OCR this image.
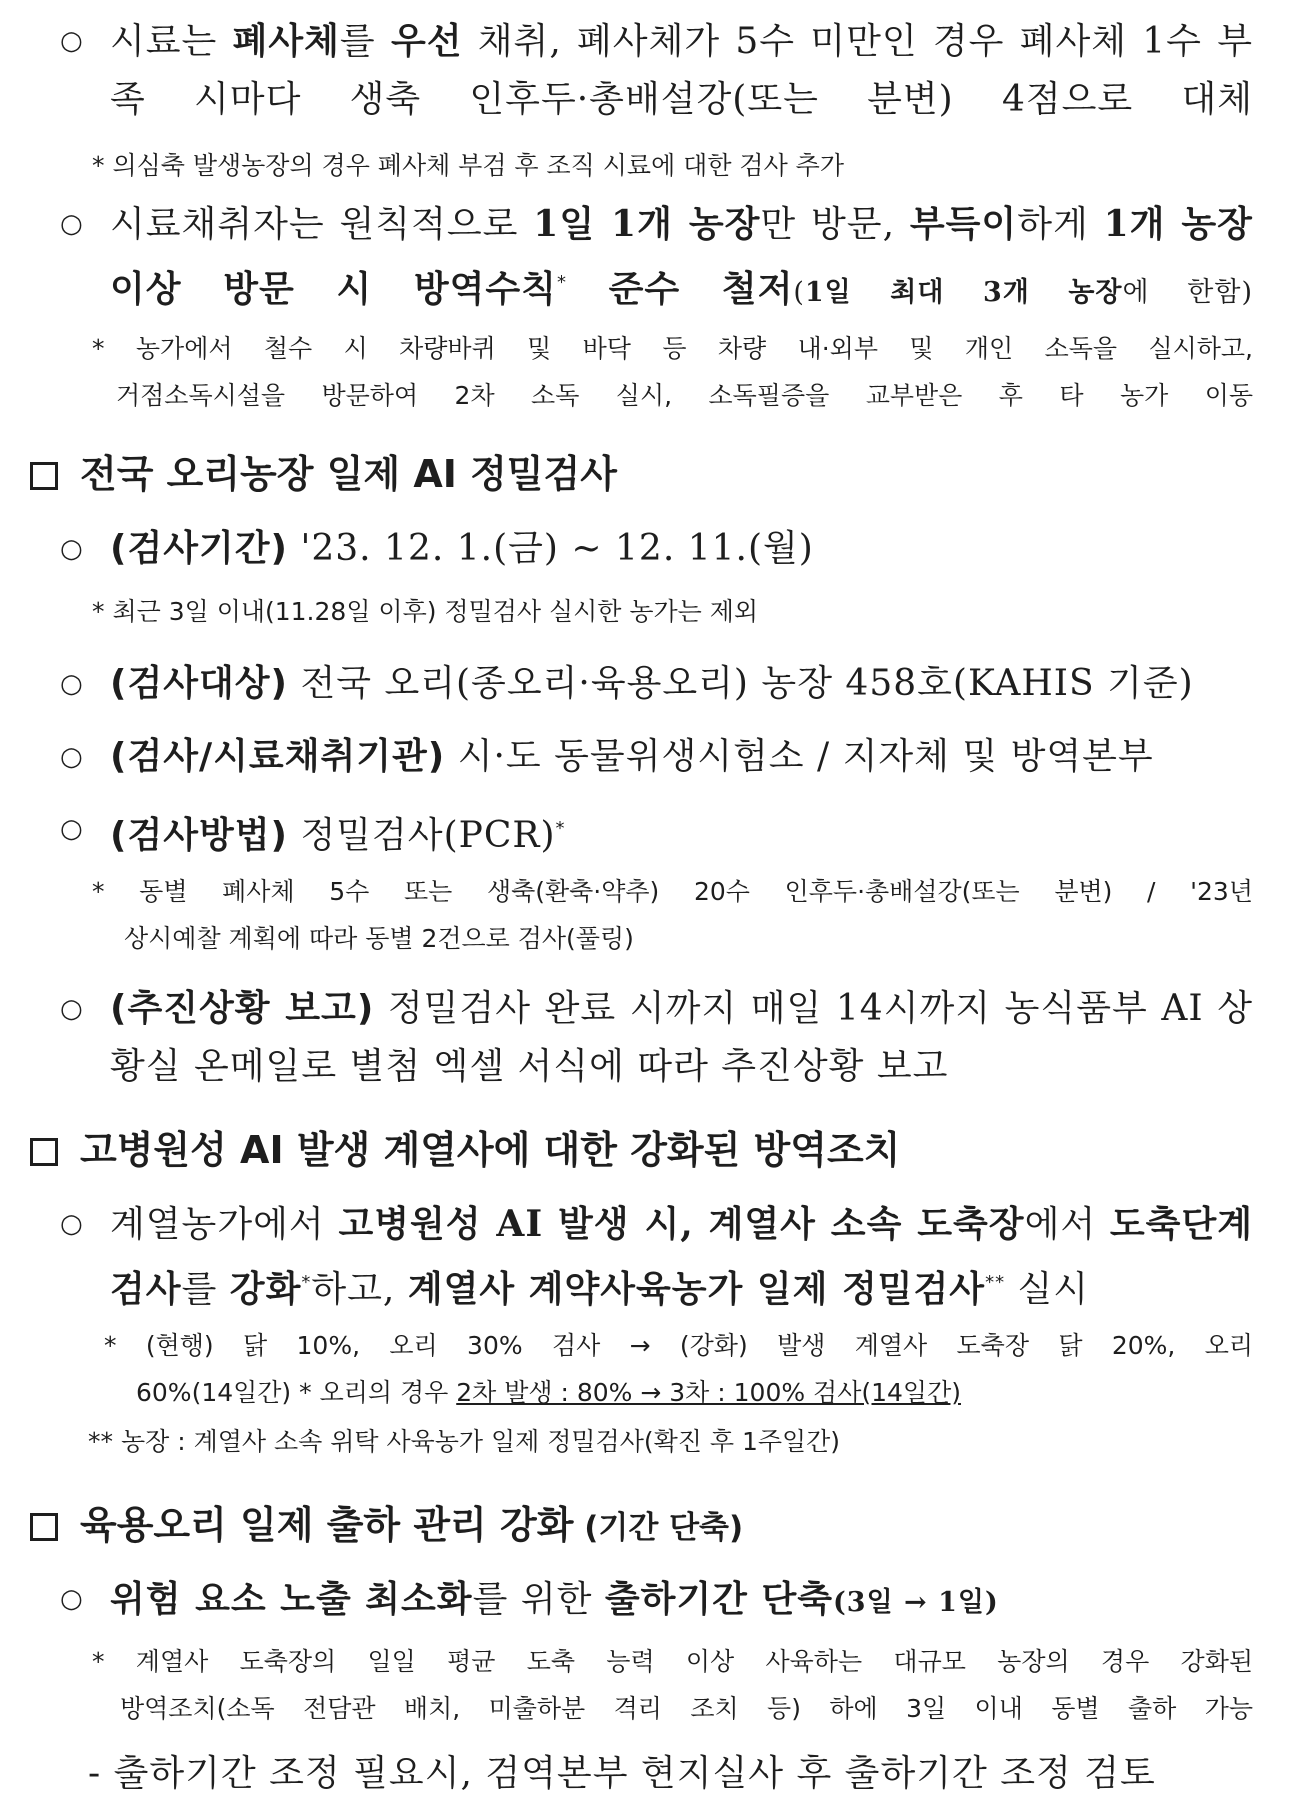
○ 시료는 폐사체를 우선 채취, 폐사체가 5수 미만인 경우 폐사체 1수 부족 시마다 생축 인후두·총배설강(또는 분변) 4점으로 대체
* 의심축 발생농장의 경우 폐사체 부검 후 조직 시료에 대한 검사 추가
○ 시료채취자는 원칙적으로 1일 1개 농장만 방문, 부득이하게 1개 농장 이상 방문 시 방역수칙* 준수 철저(1일 최대 3개 농장에 한함)
* 농가에서 철수 시 차량바퀴 및 바닥 등 차량 내·외부 및 개인 소독을 실시하고,
거점소독시설을 방문하여 2차 소독 실시, 소독필증을 교부받은 후 타 농가 이동
전국 오리농장 일제 AI 정밀검사
○ (검사기간) '23. 12. 1.(금) ~ 12. 11.(월)
* 최근 3일 이내(11.28일 이후) 정밀검사 실시한 농가는 제외
○ (검사대상) 전국 오리(종오리·육용오리) 농장 458호(KAHIS 기준)
○ (검사/시료채취기관) 시·도 동물위생시험소 / 지자체 및 방역본부
○ (검사방법) 정밀검사(PCR)*
* 동별 폐사체 5수 또는 생축(환축·약추) 20수 인후두·총배설강(또는 분변) / '23년
상시예찰 계획에 따라 동별 2건으로 검사(풀링)
○ (추진상황 보고) 정밀검사 완료 시까지 매일 14시까지 농식품부 AI 상황실 온메일로 별첨 엑셀 서식에 따라 추진상황 보고
고병원성 AI 발생 계열사에 대한 강화된 방역조치
○ 계열농가에서 고병원성 AI 발생 시, 계열사 소속 도축장에서 도축단계 검사를 강화*하고, 계열사 계약사육농가 일제 정밀검사** 실시
* (현행) 닭 10%, 오리 30% 검사 → (강화) 발생 계열사 도축장 닭 20%, 오리
60%(14일간) * 오리의 경우 2차 발생 : 80% → 3차 : 100% 검사(14일간)
** 농장 : 계열사 소속 위탁 사육농가 일제 정밀검사(확진 후 1주일간)
육용오리 일제 출하 관리 강화 (기간 단축)
○ 위험 요소 노출 최소화를 위한 출하기간 단축(3일 → 1일)
* 계열사 도축장의 일일 평균 도축 능력 이상 사육하는 대규모 농장의 경우 강화된
방역조치(소독 전담관 배치, 미출하분 격리 조치 등) 하에 3일 이내 동별 출하 가능
- 출하기간 조정 필요시, 검역본부 현지실사 후 출하기간 조정 검토
